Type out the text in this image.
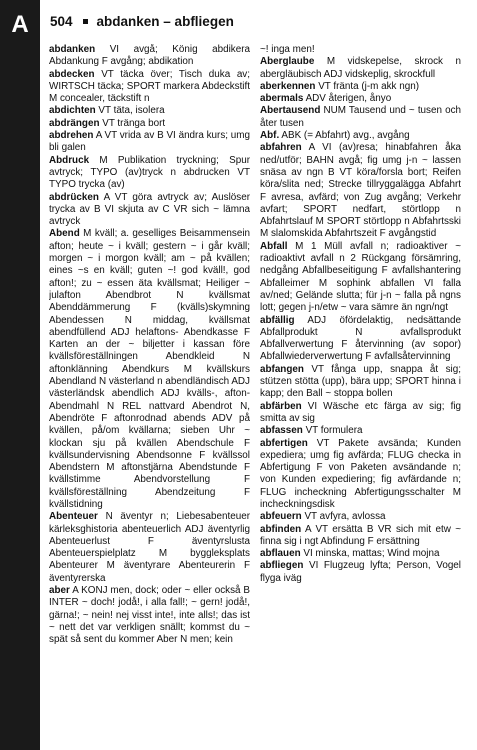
A	504 abdanken – abfliegen

abdanken VI avgå; König abdikera Abdankung F avgång; abdikation

abdecken VT täcka över; Tisch duka av; WIRTSCH täcka; SPORT markera Abdeckstift M concealer, täckstift n

abdichten VT täta, isolera

abdrängen VT tränga bort

abdrehen A VT vrida av B VI ändra kurs; umg bli galen

Abdruck M Publikation tryckning; Spur avtryck; TYPO (av)tryck n abdrucken VT TYPO trycka (av)

abdrücken A VT göra avtryck av; Auslöser trycka av B VI skjuta av C VR sich ~ lämna avtryck

Abend M kväll; a. geselliges Beisammensein afton; heute ~ i kväll; gestern ~ i går kväll; morgen ~ i morgon kväll; am ~ på kvällen; eines ~s en kväll; guten ~! god kväll!, god afton!; zu ~ essen äta kvällsmat; Heiliger ~ julafton Abendbrot N kvällsmat Abenddämmerung F (kvälls)skymning Abendessen N middag, kvällsmat abendfüllend ADJ helaftons- Abendkasse F Karten an der ~ biljetter i kassan före kvällsföreställningen Abendkleid N aftonklänning Abendkurs M kvällskurs Abendland N västerland n abendländisch ADJ västerländsk abendlich ADJ kvälls-, afton- Abendmahl N REL nattvard Abendrot N, Abendröte F aftonrodnad abends ADV på kvällen, på/om kvällarna; sieben Uhr ~ klockan sju på kvällen Abendschule F kvällsundervisning Abendsonne F kvällssol Abendstern M aftonstjärna Abendstunde F kvällstimme Abendvorstellung F kvällsföreställning Abendzeitung F kvällstidning

Abenteuer N äventyr n; Liebesabenteuer kärleksghistoria abenteuerlich ADJ äventyrlig Abenteuerlust F äventyrslusta Abenteuerspielplatz M byggleksplats Abenteurer M äventyrare Abenteurerin F äventyrerska

aber A KONJ men, dock; oder ~ eller också B INTER ~ doch! jodå!, i alla fall!; ~ gern! jodå!, gärna!; ~ nein! nej visst inte!, inte alls!; das ist ~ nett det var verkligen snällt; kommst du ~ spät så sent du kommer Aber N men; kein

~! inga men!

Aberglaube M vidskepelse, skrock n abergläubisch ADJ vidskeplig, skrockfull

aberkennen VT fränta (j-m akk ngn)

abermals ADV återigen, ånyo

Abertausend NUM Tausend und ~ tusen och åter tusen

Abf. ABK (= Abfahrt) avg., avgång

abfahren A VI (av)resa; hinabfahren åka ned/utför; BAHN avgå; fig umg j-n ~ lassen snäsa av ngn B VT köra/forsla bort; Reifen köra/slita ned; Strecke tillryggalägga Abfahrt F avresa, avfärd; von Zug avgång; Verkehr avfart; SPORT nedfart, störtlopp n Abfahrtslauf M SPORT störtlopp n Abfahrtsski M slalomskida Abfahrtszeit F avgångstid

Abfall M 1 Müll avfall n; radioaktiver ~ radioaktivt avfall n 2 Rückgang försämring, nedgång Abfallbeseitigung F avfallshantering Abfalleimer M sophink abfallen VI falla av/ned; Gelände slutta; für j-n ~ falla på ngns lott; gegen j-n/etw ~ vara sämre än ngn/ngt

abfällig ADJ öfördelaktig, nedsättande Abfallprodukt N avfallsprodukt Abfallverwertung F återvinning (av sopor) Abfallwiederverwertung F avfallsåtervinning

abfangen VT fånga upp, snappa åt sig; stützen stötta (upp), bära upp; SPORT hinna i kapp; den Ball ~ stoppa bollen

abfärben VI Wäsche etc färga av sig; fig smitta av sig

abfassen VT formulera

abfertigen VT Pakete avsända; Kunden expediera; umg fig avfärda; FLUG checka in Abfertigung F von Paketen avsändande n; von Kunden expediering; fig avfärdande n; FLUG incheckning Abfertigungsschalter M incheckningsdisk

abfeuern VT avfyra, avlossa

abfinden A VT ersätta B VR sich mit etw ~ finna sig i ngt Abfindung F ersättning

abflauen VI minska, mattas; Wind mojna

abfliegen VI Flugzeug lyfta; Person, Vogel flyga iväg
